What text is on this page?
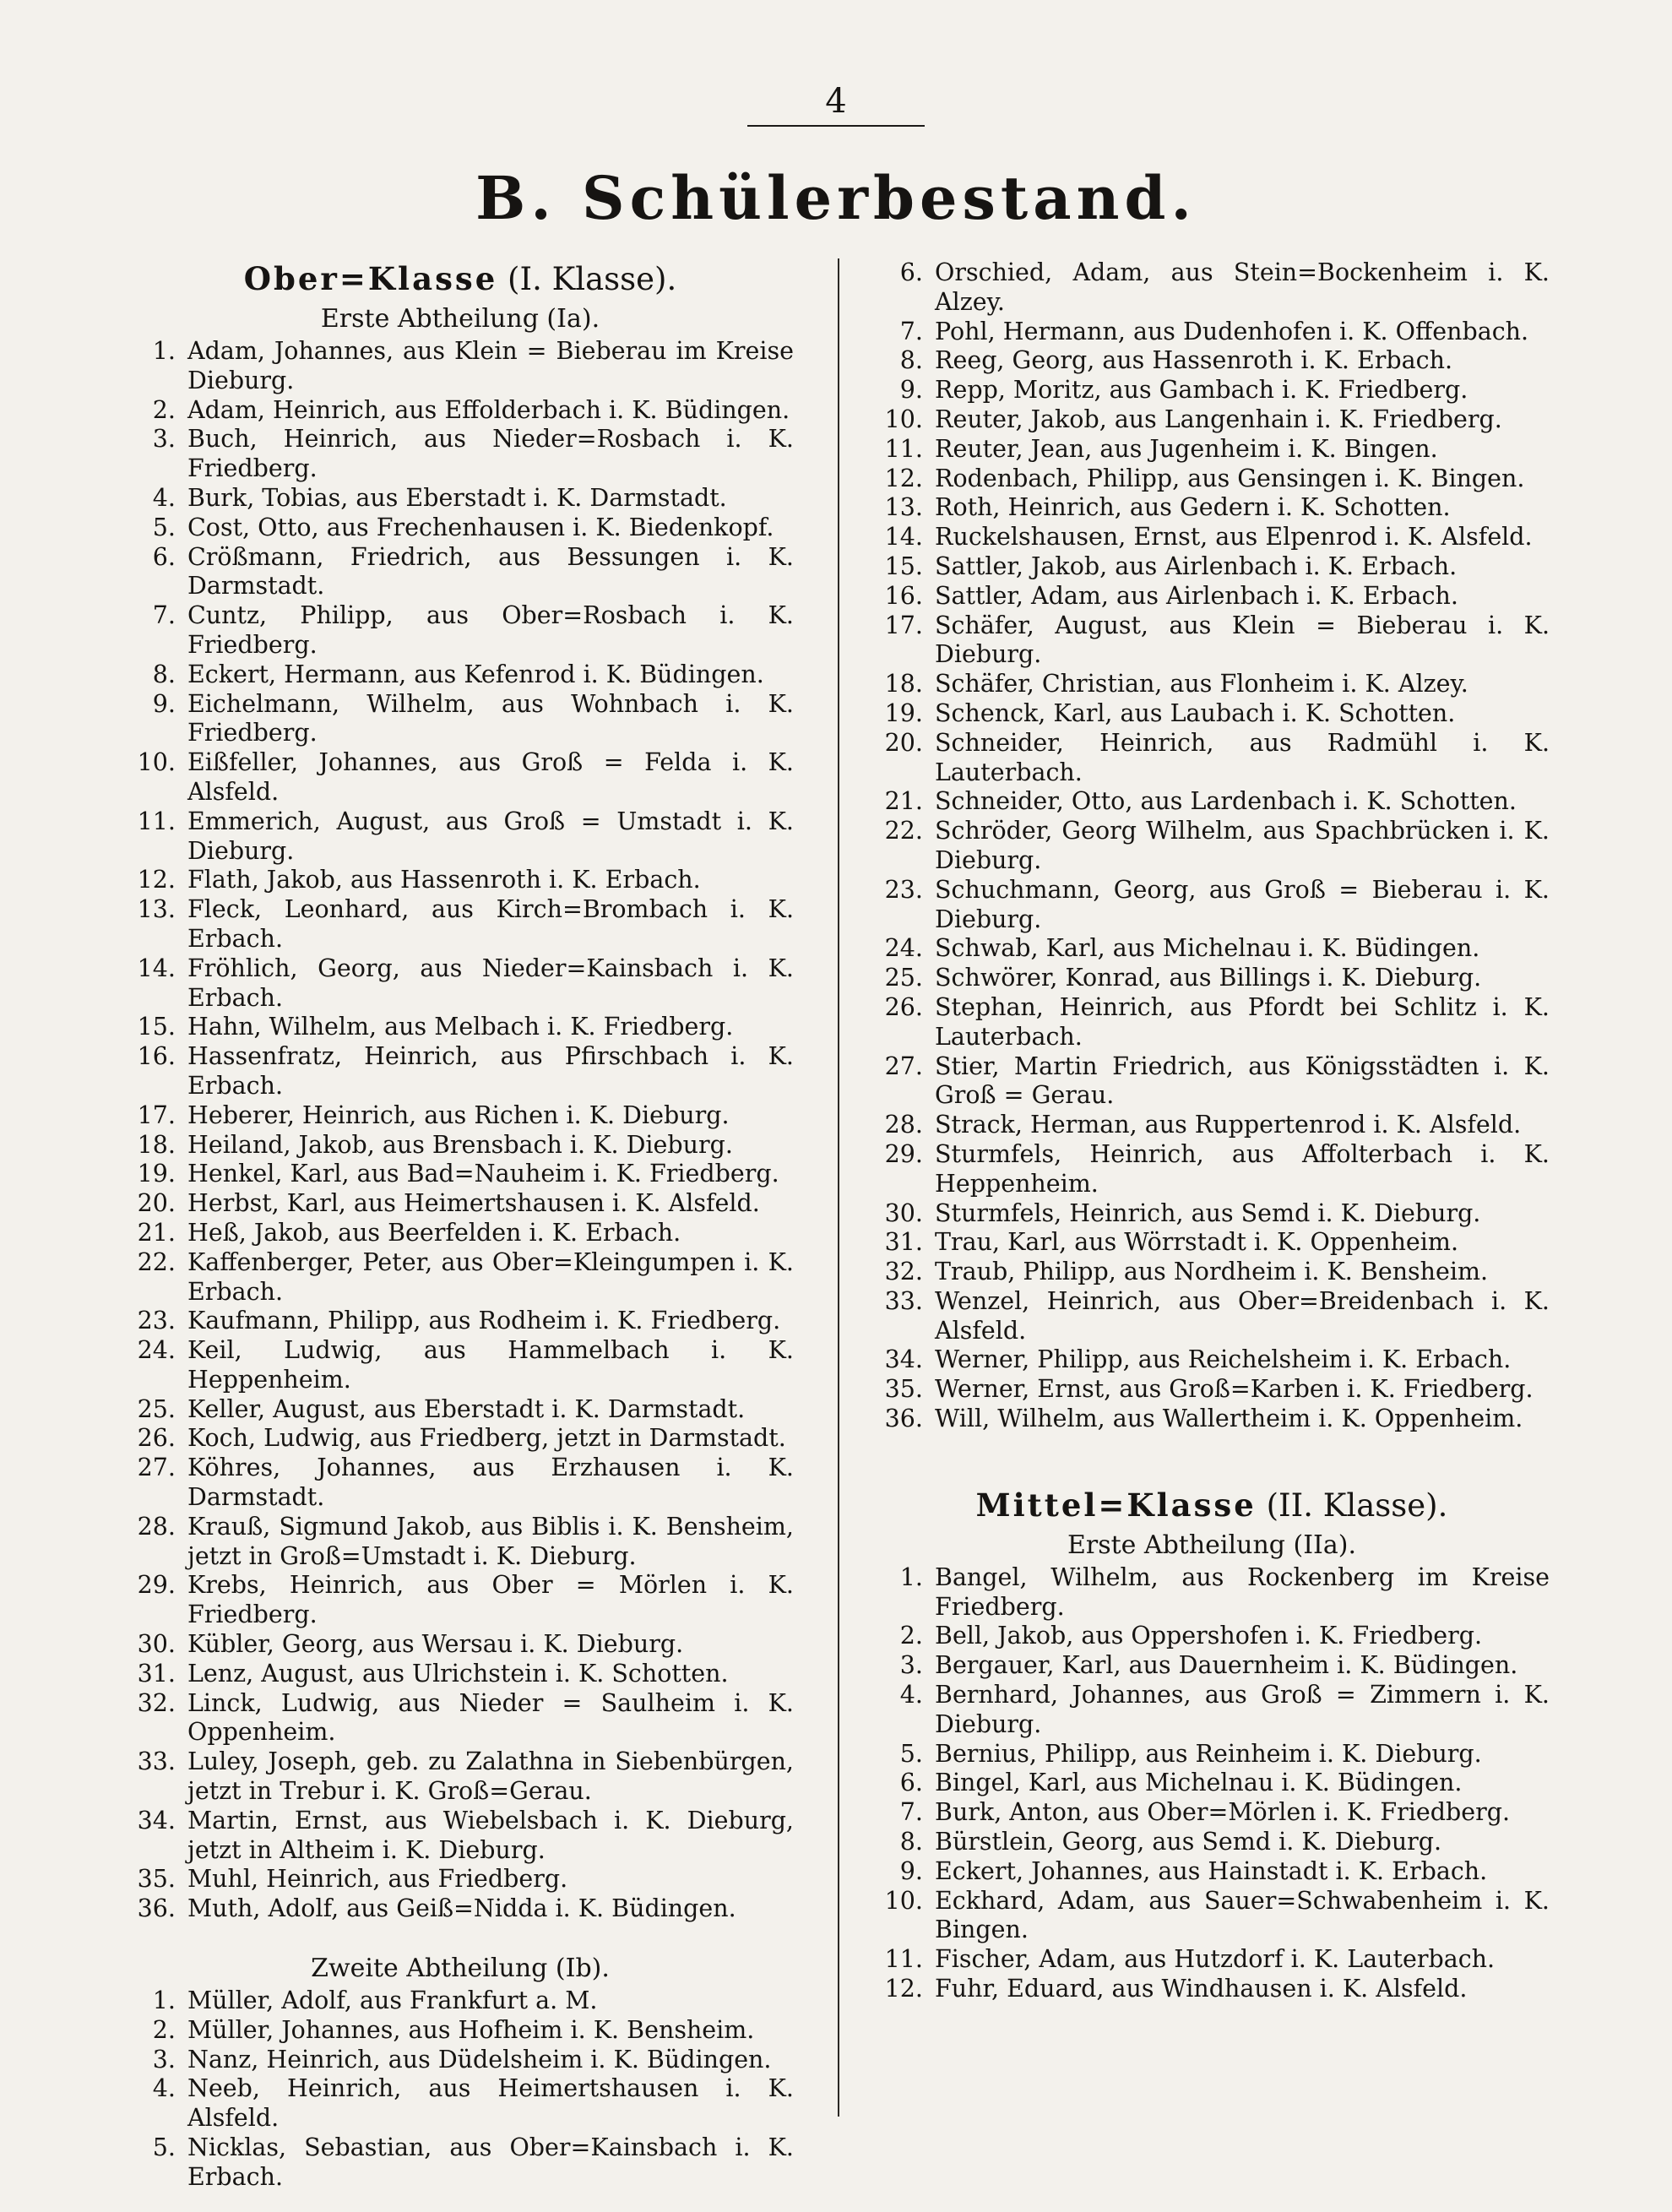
4
B. Schülerbestand.
Ober=Klasse (I. Klasse).
Erste Abtheilung (Ia).
1. Adam, Johannes, aus Klein = Bieberau im Kreise Dieburg.
2. Adam, Heinrich, aus Effolderbach i. K. Büdingen.
3. Buch, Heinrich, aus Nieder=Rosbach i. K. Friedberg.
4. Burk, Tobias, aus Eberstadt i. K. Darmstadt.
5. Cost, Otto, aus Frechenhausen i. K. Biedenkopf.
6. Crößmann, Friedrich, aus Bessungen i. K. Darmstadt.
7. Cuntz, Philipp, aus Ober=Rosbach i. K. Friedberg.
8. Eckert, Hermann, aus Kefenrod i. K. Büdingen.
9. Eichelmann, Wilhelm, aus Wohnbach i. K. Friedberg.
10. Eißfeller, Johannes, aus Groß = Felda i. K. Alsfeld.
11. Emmerich, August, aus Groß = Umstadt i. K. Dieburg.
12. Flath, Jakob, aus Hassenroth i. K. Erbach.
13. Fleck, Leonhard, aus Kirch=Brombach i. K. Erbach.
14. Fröhlich, Georg, aus Nieder=Kainsbach i. K. Erbach.
15. Hahn, Wilhelm, aus Melbach i. K. Friedberg.
16. Hassenfratz, Heinrich, aus Pfirschbach i. K. Erbach.
17. Heberer, Heinrich, aus Richen i. K. Dieburg.
18. Heiland, Jakob, aus Brensbach i. K. Dieburg.
19. Henkel, Karl, aus Bad=Nauheim i. K. Friedberg.
20. Herbst, Karl, aus Heimertshausen i. K. Alsfeld.
21. Heß, Jakob, aus Beerfelden i. K. Erbach.
22. Kaffenberger, Peter, aus Ober=Kleingumpen i. K. Erbach.
23. Kaufmann, Philipp, aus Rodheim i. K. Friedberg.
24. Keil, Ludwig, aus Hammelbach i. K. Heppenheim.
25. Keller, August, aus Eberstadt i. K. Darmstadt.
26. Koch, Ludwig, aus Friedberg, jetzt in Darmstadt.
27. Köhres, Johannes, aus Erzhausen i. K. Darmstadt.
28. Krauß, Sigmund Jakob, aus Biblis i. K. Bensheim, jetzt in Groß=Umstadt i. K. Dieburg.
29. Krebs, Heinrich, aus Ober = Mörlen i. K. Friedberg.
30. Kübler, Georg, aus Wersau i. K. Dieburg.
31. Lenz, August, aus Ulrichstein i. K. Schotten.
32. Linck, Ludwig, aus Nieder = Saulheim i. K. Oppenheim.
33. Luley, Joseph, geb. zu Zalathna in Siebenbürgen, jetzt in Trebur i. K. Groß=Gerau.
34. Martin, Ernst, aus Wiebelsbach i. K. Dieburg, jetzt in Altheim i. K. Dieburg.
35. Muhl, Heinrich, aus Friedberg.
36. Muth, Adolf, aus Geiß=Nidda i. K. Büdingen.
Zweite Abtheilung (Ib).
1. Müller, Adolf, aus Frankfurt a. M.
2. Müller, Johannes, aus Hofheim i. K. Bensheim.
3. Nanz, Heinrich, aus Düdelsheim i. K. Büdingen.
4. Neeb, Heinrich, aus Heimertshausen i. K. Alsfeld.
5. Nicklas, Sebastian, aus Ober=Kainsbach i. K. Erbach.
6. Orschied, Adam, aus Stein=Bockenheim i. K. Alzey.
7. Pohl, Hermann, aus Dudenhofen i. K. Offenbach.
8. Reeg, Georg, aus Hassenroth i. K. Erbach.
9. Repp, Moritz, aus Gambach i. K. Friedberg.
10. Reuter, Jakob, aus Langenhain i. K. Friedberg.
11. Reuter, Jean, aus Jugenheim i. K. Bingen.
12. Rodenbach, Philipp, aus Gensingen i. K. Bingen.
13. Roth, Heinrich, aus Gedern i. K. Schotten.
14. Ruckelshausen, Ernst, aus Elpenrod i. K. Alsfeld.
15. Sattler, Jakob, aus Airlenbach i. K. Erbach.
16. Sattler, Adam, aus Airlenbach i. K. Erbach.
17. Schäfer, August, aus Klein = Bieberau i. K. Dieburg.
18. Schäfer, Christian, aus Flonheim i. K. Alzey.
19. Schenck, Karl, aus Laubach i. K. Schotten.
20. Schneider, Heinrich, aus Radmühl i. K. Lauterbach.
21. Schneider, Otto, aus Lardenbach i. K. Schotten.
22. Schröder, Georg Wilhelm, aus Spachbrücken i. K. Dieburg.
23. Schuchmann, Georg, aus Groß = Bieberau i. K. Dieburg.
24. Schwab, Karl, aus Michelnau i. K. Büdingen.
25. Schwörer, Konrad, aus Billings i. K. Dieburg.
26. Stephan, Heinrich, aus Pfordt bei Schlitz i. K. Lauterbach.
27. Stier, Martin Friedrich, aus Königsstädten i. K. Groß = Gerau.
28. Strack, Herman, aus Ruppertenrod i. K. Alsfeld.
29. Sturmfels, Heinrich, aus Affolterbach i. K. Heppenheim.
30. Sturmfels, Heinrich, aus Semd i. K. Dieburg.
31. Trau, Karl, aus Wörrstadt i. K. Oppenheim.
32. Traub, Philipp, aus Nordheim i. K. Bensheim.
33. Wenzel, Heinrich, aus Ober=Breidenbach i. K. Alsfeld.
34. Werner, Philipp, aus Reichelsheim i. K. Erbach.
35. Werner, Ernst, aus Groß=Karben i. K. Friedberg.
36. Will, Wilhelm, aus Wallertheim i. K. Oppenheim.
Mittel=Klasse (II. Klasse).
Erste Abtheilung (IIa).
1. Bangel, Wilhelm, aus Rockenberg im Kreise Friedberg.
2. Bell, Jakob, aus Oppershofen i. K. Friedberg.
3. Bergauer, Karl, aus Dauernheim i. K. Büdingen.
4. Bernhard, Johannes, aus Groß = Zimmern i. K. Dieburg.
5. Bernius, Philipp, aus Reinheim i. K. Dieburg.
6. Bingel, Karl, aus Michelnau i. K. Büdingen.
7. Burk, Anton, aus Ober=Mörlen i. K. Friedberg.
8. Bürstlein, Georg, aus Semd i. K. Dieburg.
9. Eckert, Johannes, aus Hainstadt i. K. Erbach.
10. Eckhard, Adam, aus Sauer=Schwabenheim i. K. Bingen.
11. Fischer, Adam, aus Hutzdorf i. K. Lauterbach.
12. Fuhr, Eduard, aus Windhausen i. K. Alsfeld.
